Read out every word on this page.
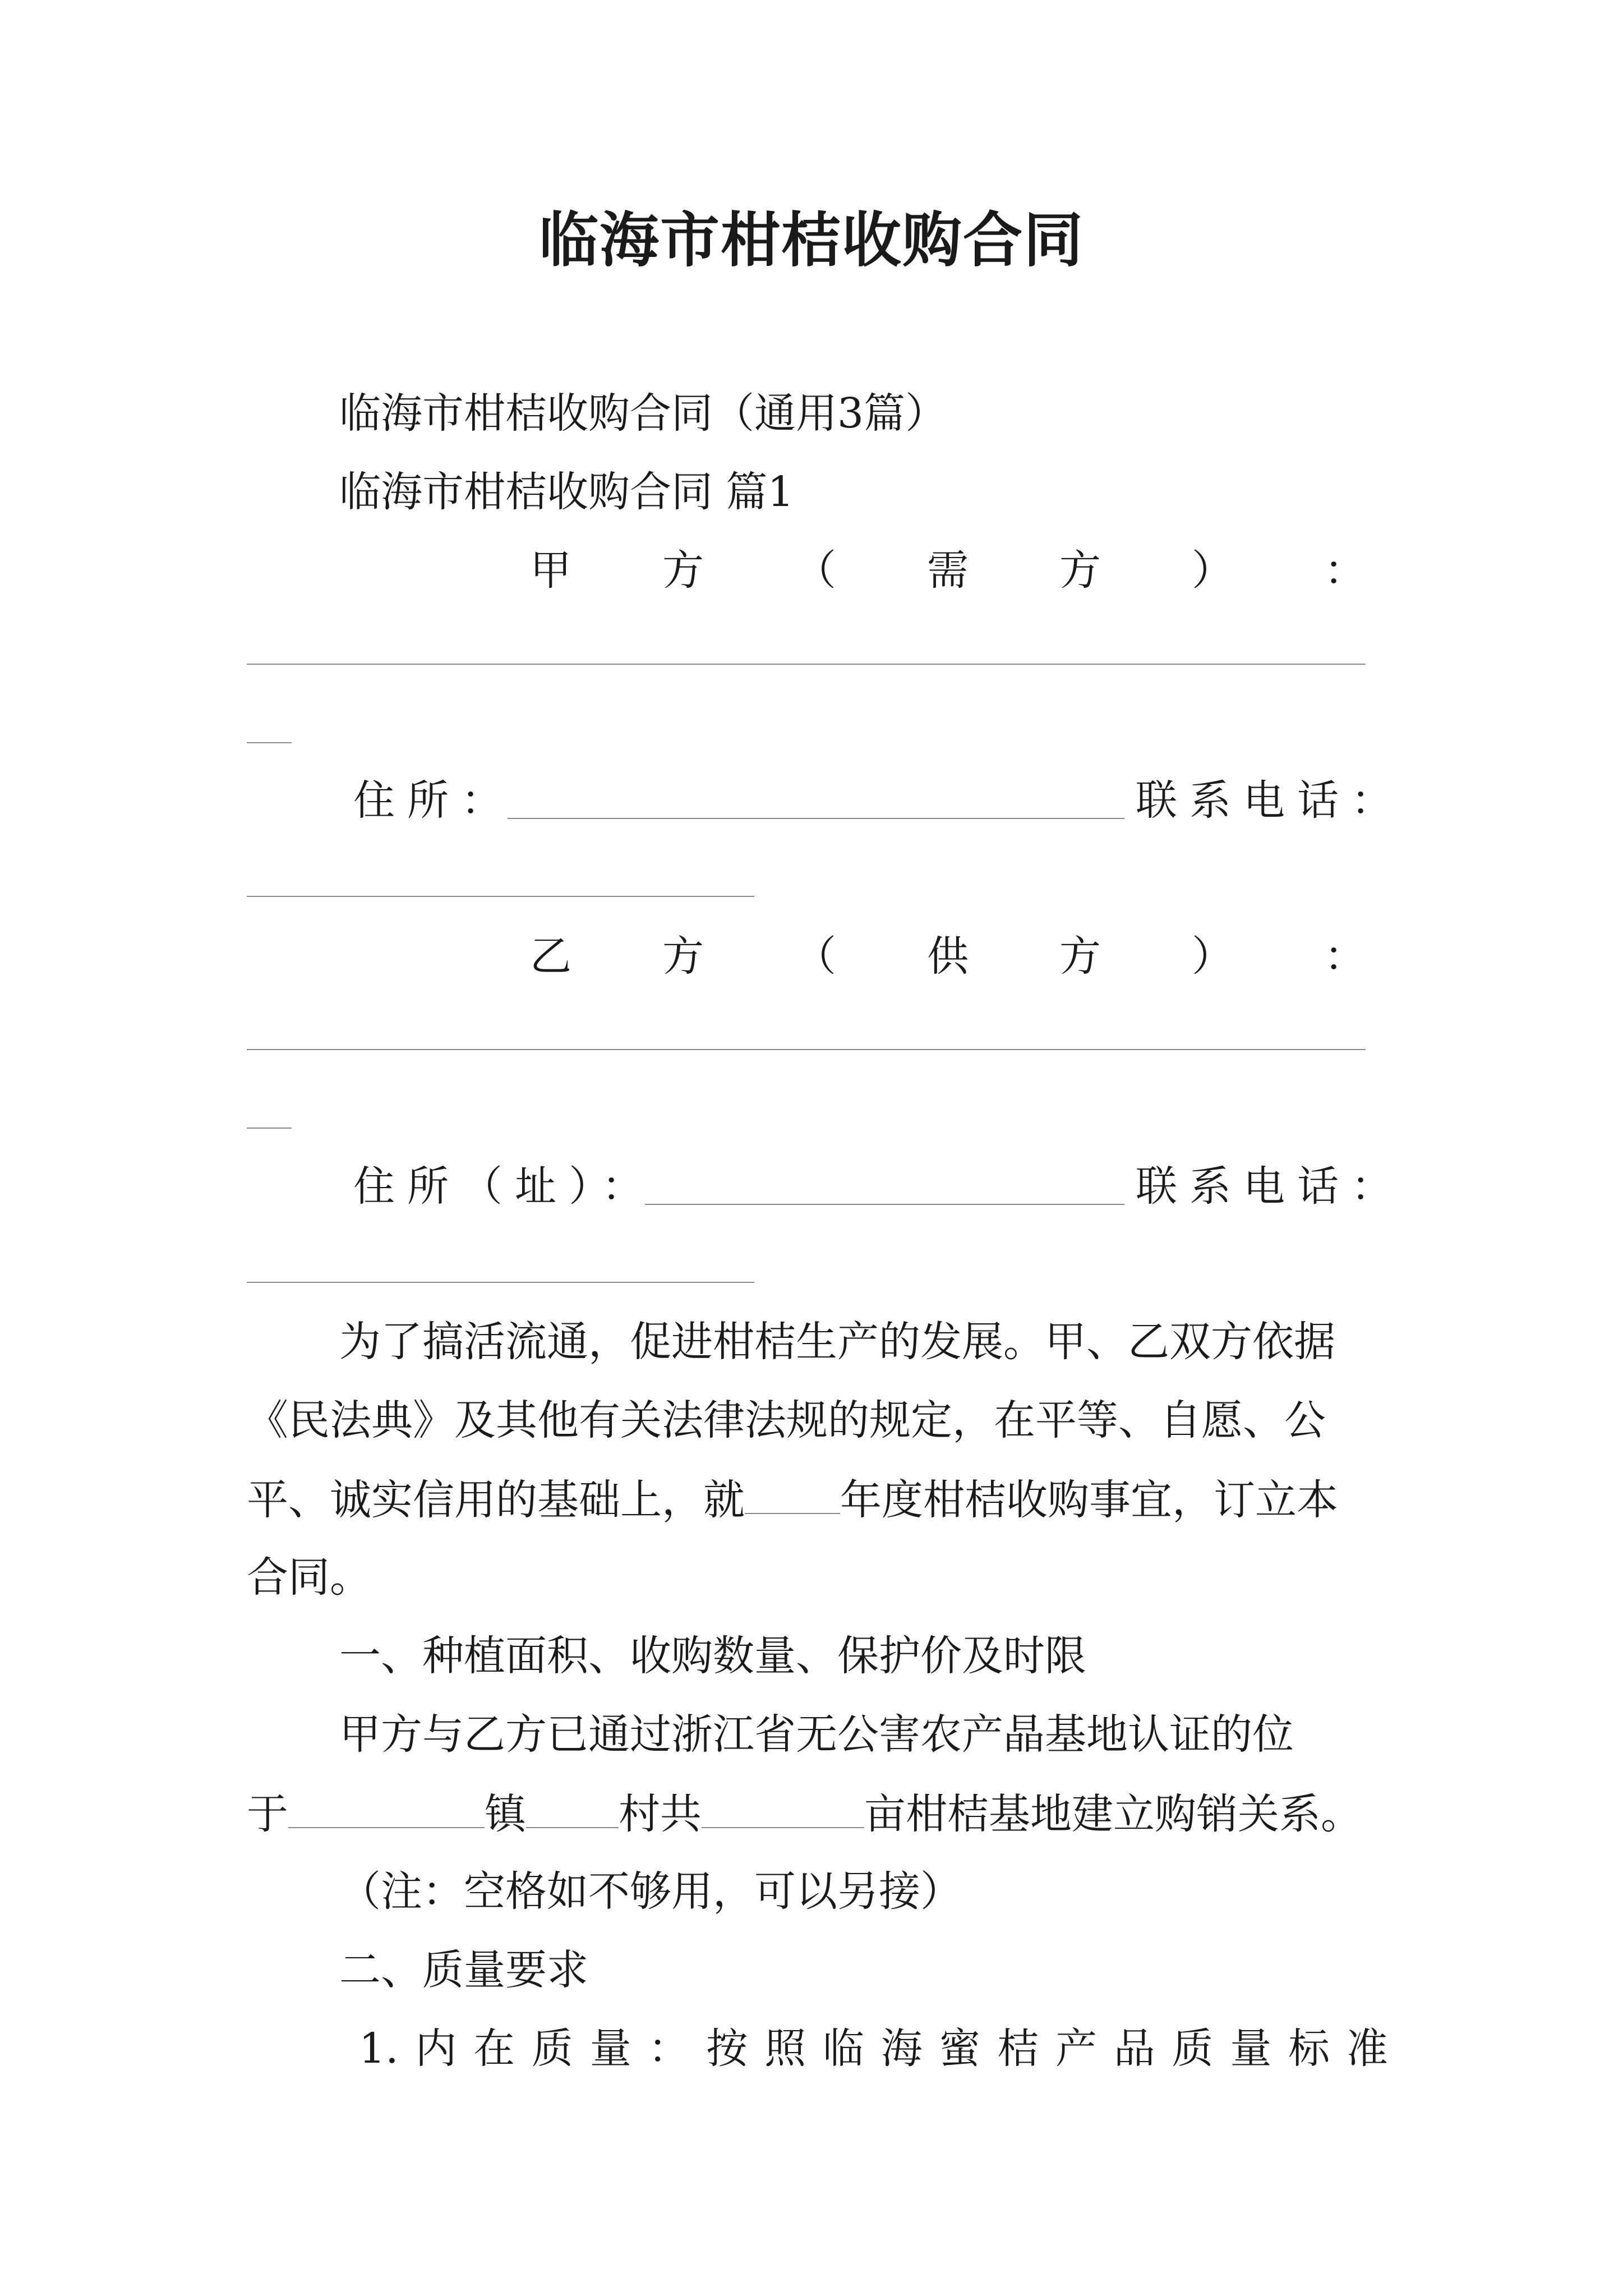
临海市柑桔收购合同
临海市柑桔收购合同（通用3篇）
临海市柑桔收购合同 篇1
甲 方 （ 需 方 ） ：
住所：	联系电话：
乙 方 （ 供 方 ） ：
住所（址）：	联系电话：
为了搞活流通，促进柑桔生产的发展。甲、乙双方依据
《民法典》及其他有关法律法规的规定，在平等、自愿、公
平、诚实信用的基础上，就 年度柑桔收购事宜，订立本
合同。
一、种植面积、收购数量、保护价及时限
甲方与乙方已通过浙江省无公害农产晶基地认证的位
于	镇 村共	亩柑桔基地建立购销关系。
（注：空格如不够用，可以另接）
二、质量要求
1. 内 在 质 量 ： 按 照 临 海 蜜 桔 产 品 质 量 标 准
